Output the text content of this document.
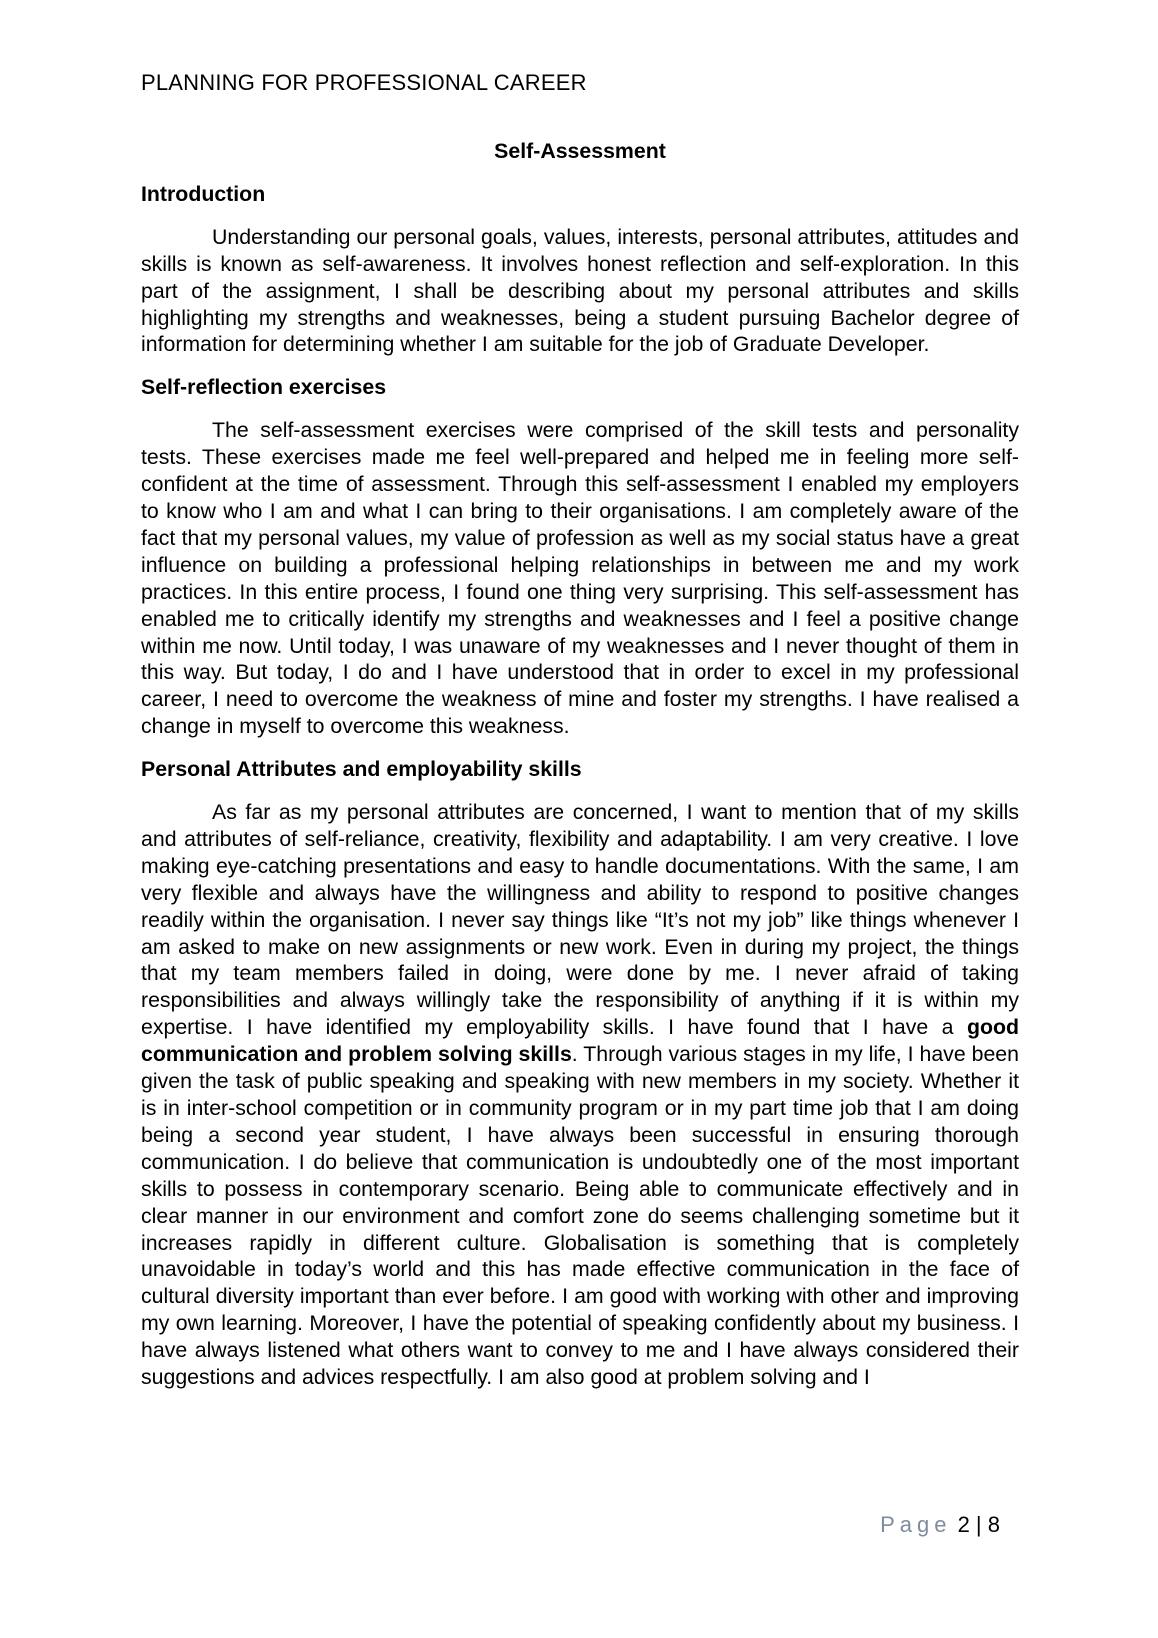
PLANNING FOR PROFESSIONAL CAREER
Self-Assessment
Introduction

Understanding our personal goals, values, interests, personal attributes, attitudes and skills is known as self-awareness. It involves honest reflection and self-exploration. In this part of the assignment, I shall be describing about my personal attributes and skills highlighting my strengths and weaknesses, being a student pursuing Bachelor degree of information for determining whether I am suitable for the job of Graduate Developer.

Self-reflection exercises

The self-assessment exercises were comprised of the skill tests and personality tests. These exercises made me feel well-prepared and helped me in feeling more self-confident at the time of assessment. Through this self-assessment I enabled my employers to know who I am and what I can bring to their organisations. I am completely aware of the fact that my personal values, my value of profession as well as my social status have a great influence on building a professional helping relationships in between me and my work practices. In this entire process, I found one thing very surprising. This self-assessment has enabled me to critically identify my strengths and weaknesses and I feel a positive change within me now. Until today, I was unaware of my weaknesses and I never thought of them in this way. But today, I do and I have understood that in order to excel in my professional career, I need to overcome the weakness of mine and foster my strengths. I have realised a change in myself to overcome this weakness.

Personal Attributes and employability skills

As far as my personal attributes are concerned, I want to mention that of my skills and attributes of self-reliance, creativity, flexibility and adaptability. I am very creative. I love making eye-catching presentations and easy to handle documentations. With the same, I am very flexible and always have the willingness and ability to respond to positive changes readily within the organisation. I never say things like “It’s not my job” like things whenever I am asked to make on new assignments or new work. Even in during my project, the things that my team members failed in doing, were done by me. I never afraid of taking responsibilities and always willingly take the responsibility of anything if it is within my expertise. I have identified my employability skills. I have found that I have a good communication and problem solving skills. Through various stages in my life, I have been given the task of public speaking and speaking with new members in my society. Whether it is in inter-school competition or in community program or in my part time job that I am doing being a second year student, I have always been successful in ensuring thorough communication. I do believe that communication is undoubtedly one of the most important skills to possess in contemporary scenario. Being able to communicate effectively and in clear manner in our environment and comfort zone do seems challenging sometime but it increases rapidly in different culture. Globalisation is something that is completely unavoidable in today’s world and this has made effective communication in the face of cultural diversity important than ever before. I am good with working with other and improving my own learning. Moreover, I have the potential of speaking confidently about my business. I have always listened what others want to convey to me and I have always considered their suggestions and advices respectfully. I am also good at problem solving and I

Page 2 | 8
